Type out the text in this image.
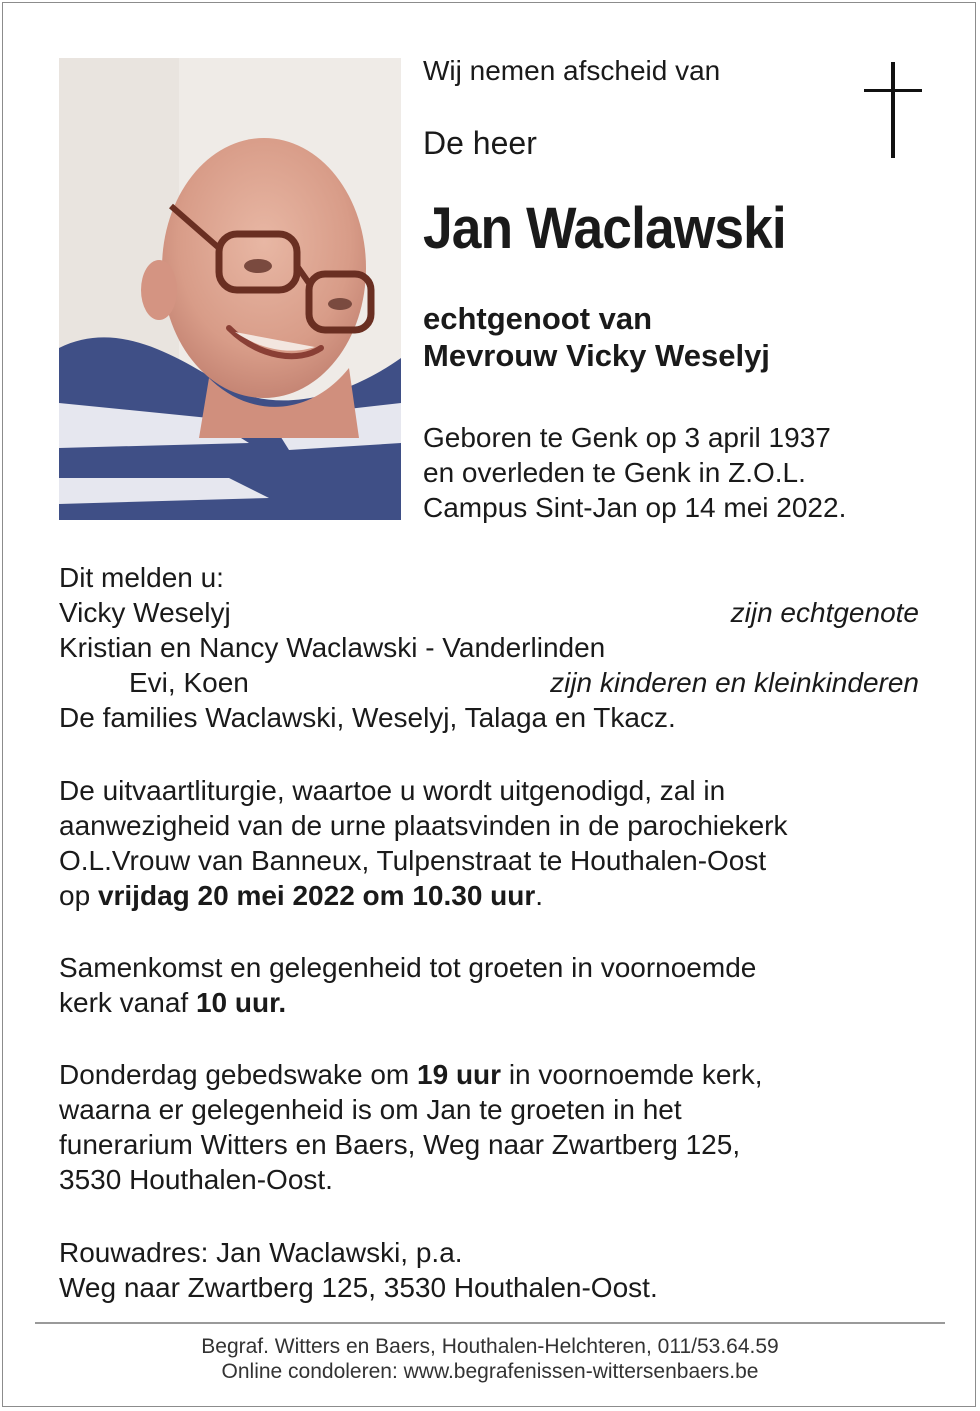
Wij nemen afscheid van
De heer
Jan Waclawski
echtgenoot van
Mevrouw Vicky Weselyj
Geboren te Genk op 3 april 1937
en overleden te Genk in Z.O.L.
Campus Sint-Jan op 14 mei 2022.
Dit melden u:
Vicky Weselyj	zijn echtgenote
Kristian en Nancy Waclawski - Vanderlinden
Evi, Koen	zijn kinderen en kleinkinderen
De families Waclawski, Weselyj, Talaga en Tkacz.
De uitvaartliturgie, waartoe u wordt uitgenodigd, zal in
aanwezigheid van de urne plaatsvinden in de parochiekerk
O.L.Vrouw van Banneux, Tulpenstraat te Houthalen-Oost
op vrijdag 20 mei 2022 om 10.30 uur.
Samenkomst en gelegenheid tot groeten in voornoemde
kerk vanaf 10 uur.
Donderdag gebedswake om 19 uur in voornoemde kerk,
waarna er gelegenheid is om Jan te groeten in het
funerarium Witters en Baers, Weg naar Zwartberg 125,
3530 Houthalen-Oost.
Rouwadres: Jan Waclawski, p.a.
Weg naar Zwartberg 125, 3530 Houthalen-Oost.
Begraf. Witters en Baers, Houthalen-Helchteren, 011/53.64.59
Online condoleren: www.begrafenissen-wittersenbaers.be
